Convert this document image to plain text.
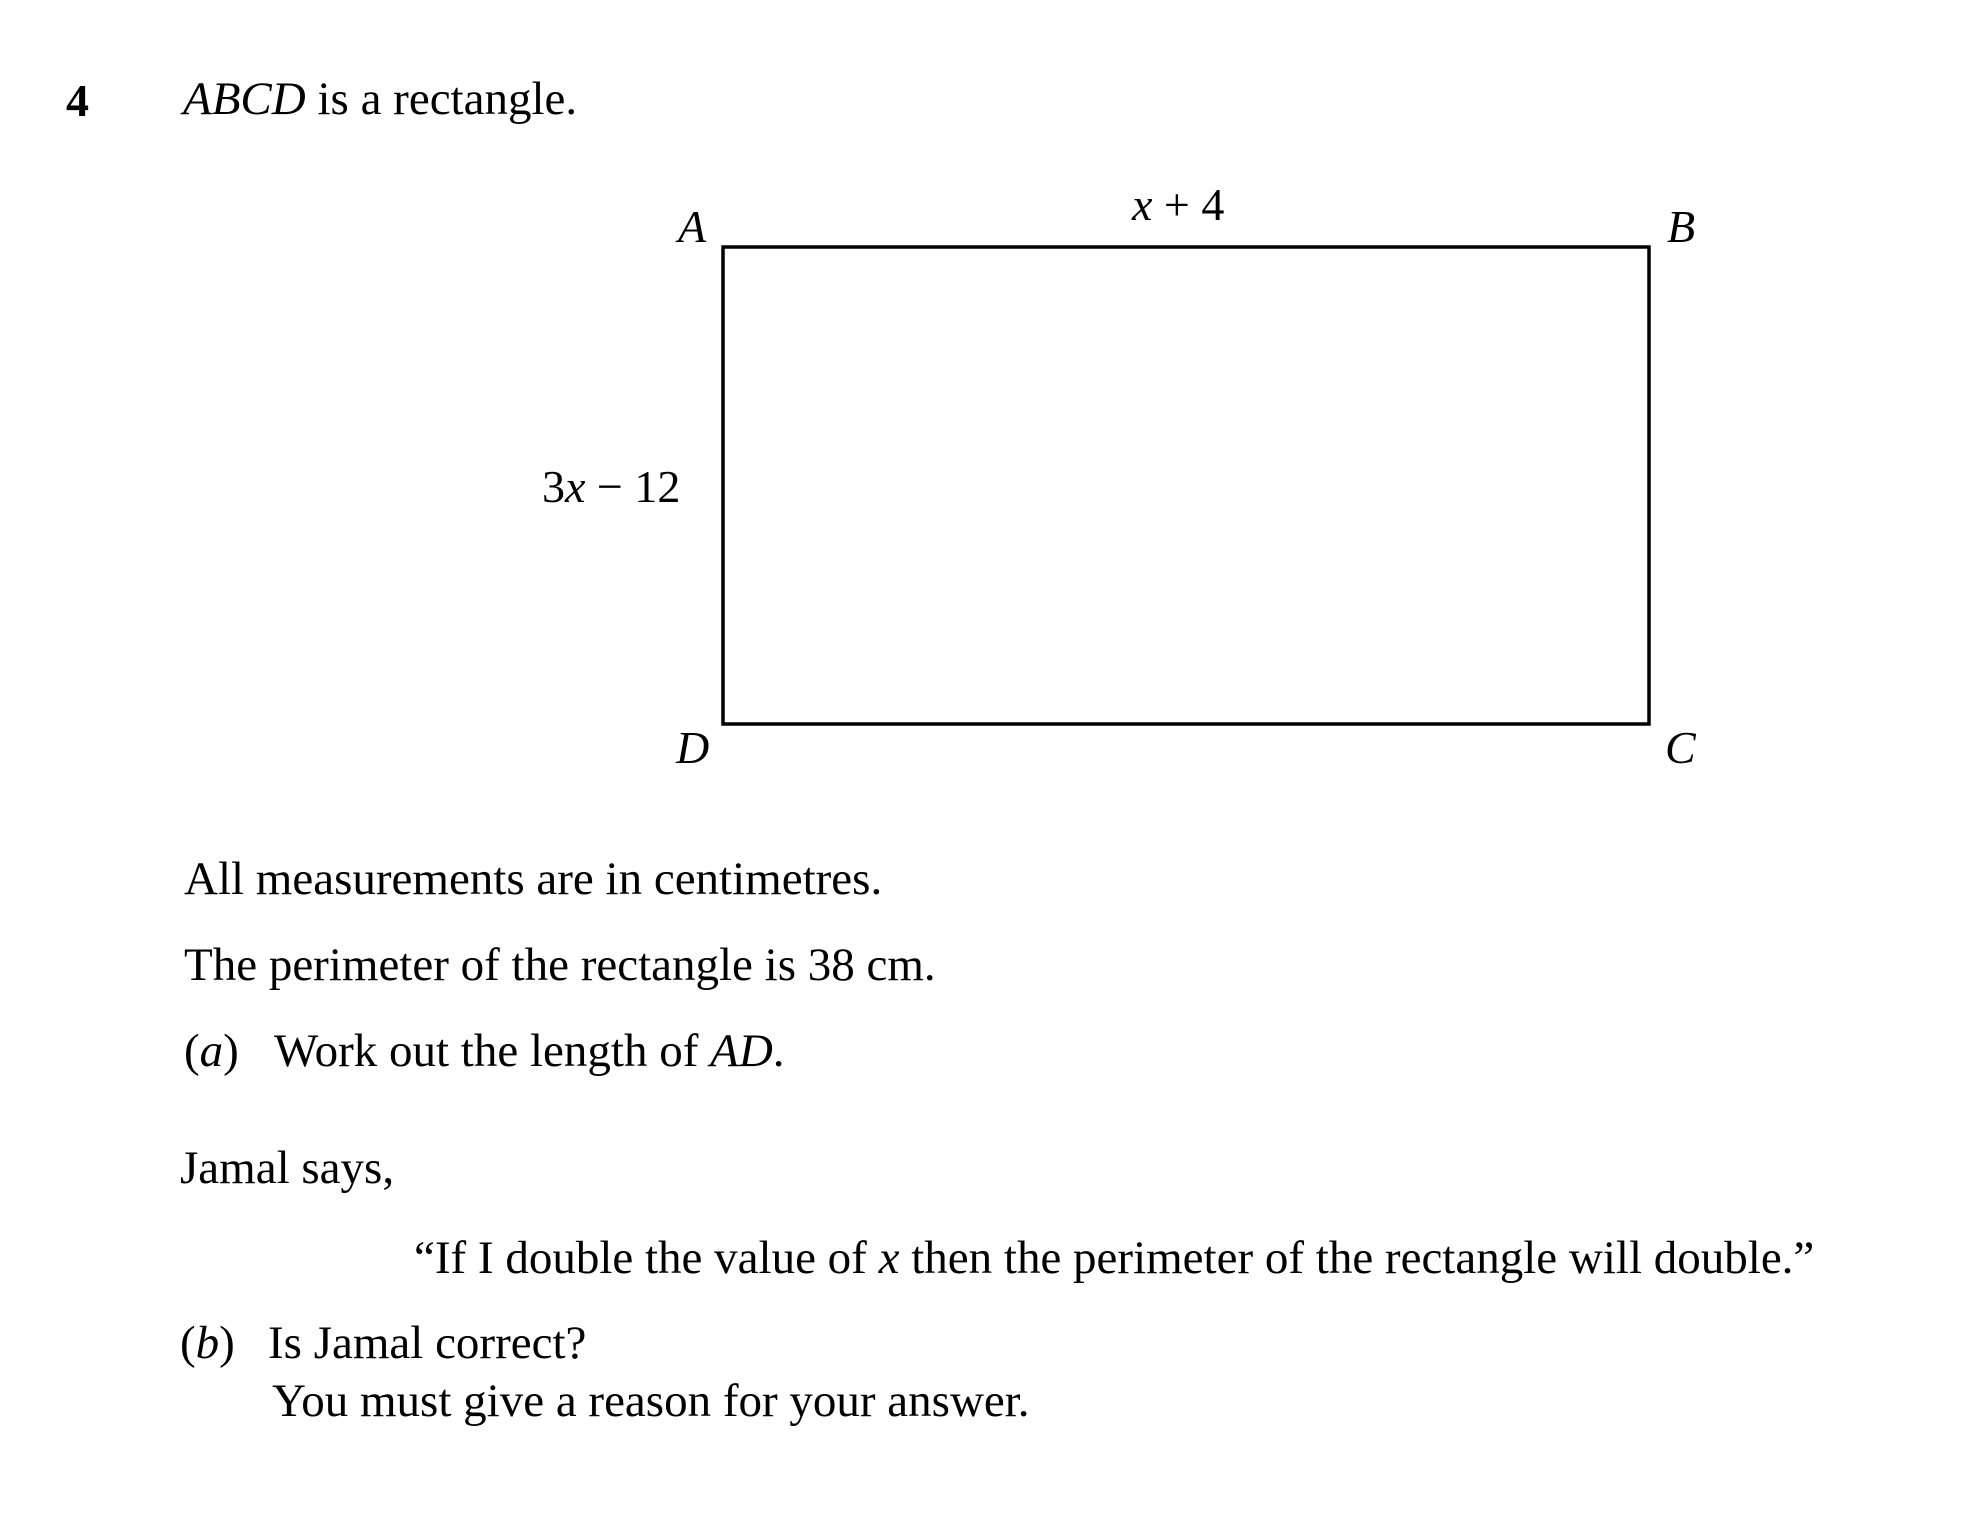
4 ABCD is a rectangle.
A	B
C
D
x + 4
3x − 12
All measurements are in centimetres.
The perimeter of the rectangle is 38 cm.
(a) Work out the length of AD.
Jamal says,
“If I double the value of x then the perimeter of the rectangle will double.”
(b) Is Jamal correct?
You must give a reason for your answer.
